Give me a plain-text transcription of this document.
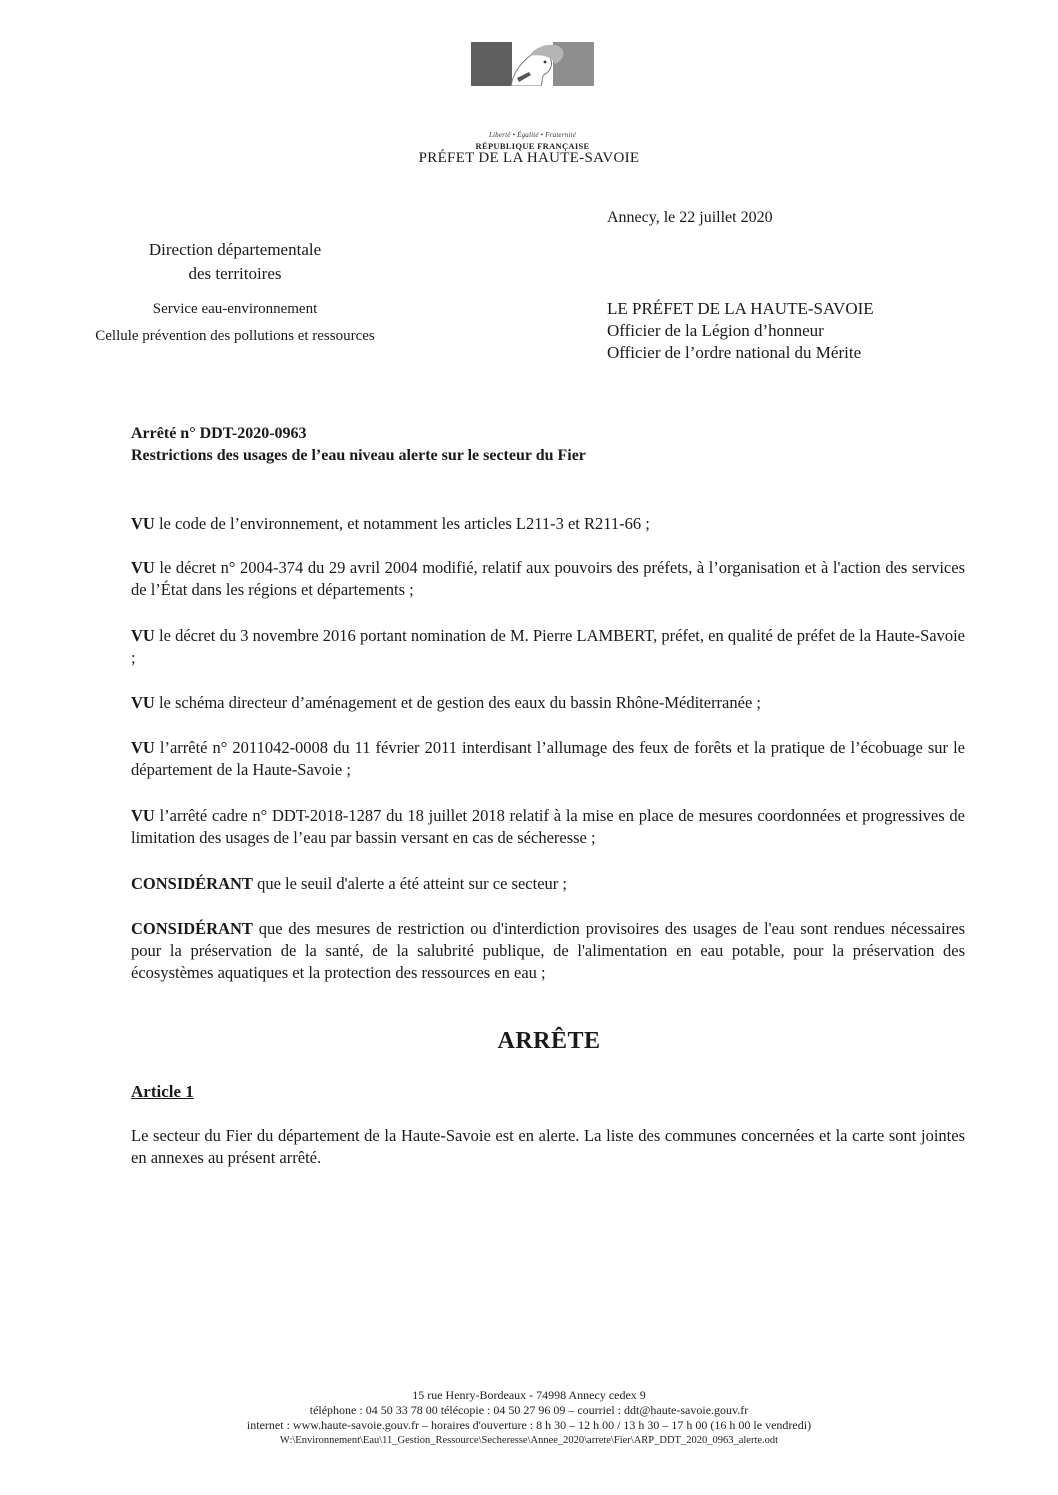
Liberté • Égalité • Fraternité
RÉPUBLIQUE FRANÇAISE
PRÉFET DE LA HAUTE-SAVOIE
Annecy, le 22 juillet 2020
Direction départementale
des territoires
Service eau-environnement
Cellule prévention des pollutions et ressources
LE PRÉFET DE LA HAUTE-SAVOIE
Officier de la Légion d’honneur
Officier de l’ordre national du Mérite
Arrêté n° DDT-2020-0963
Restrictions des usages de l’eau niveau alerte sur le secteur du Fier
VU le code de l’environnement, et notamment les articles L211-3 et R211-66 ;
VU le décret n° 2004-374 du 29 avril 2004 modifié, relatif aux pouvoirs des préfets, à l’organisation et à l'action des services de l’État dans les régions et départements ;
VU le décret du 3 novembre 2016 portant nomination de M. Pierre LAMBERT, préfet, en qualité de préfet de la Haute-Savoie ;
VU le schéma directeur d’aménagement et de gestion des eaux du bassin Rhône-Méditerranée ;
VU l’arrêté n° 2011042-0008 du 11 février 2011 interdisant l’allumage des feux de forêts et la pratique de l’écobuage sur le département de la Haute-Savoie ;
VU l’arrêté cadre n° DDT-2018-1287 du 18 juillet 2018 relatif à la mise en place de mesures coordonnées et progressives de limitation des usages de l’eau par bassin versant en cas de sécheresse ;
CONSIDÉRANT que le seuil d'alerte a été atteint sur ce secteur ;
CONSIDÉRANT que des mesures de restriction ou d'interdiction provisoires des usages de l'eau sont rendues nécessaires pour la préservation de la santé, de la salubrité publique, de l'alimentation en eau potable, pour la préservation des écosystèmes aquatiques et la protection des ressources en eau ;
ARRÊTE
Article 1
Le secteur du Fier du département de la Haute-Savoie est en alerte. La liste des communes concernées et la carte sont jointes en annexes au présent arrêté.
15 rue Henry-Bordeaux - 74998 Annecy cedex 9
téléphone : 04 50 33 78 00 télécopie : 04 50 27 96 09 – courriel : ddt@haute-savoie.gouv.fr
internet : www.haute-savoie.gouv.fr – horaires d'ouverture : 8 h 30 – 12 h 00 / 13 h 30 – 17 h 00 (16 h 00 le vendredi)
W:\Environnement\Eau\11_Gestion_Ressource\Secheresse\Annee_2020\arrete\Fier\ARP_DDT_2020_0963_alerte.odt
